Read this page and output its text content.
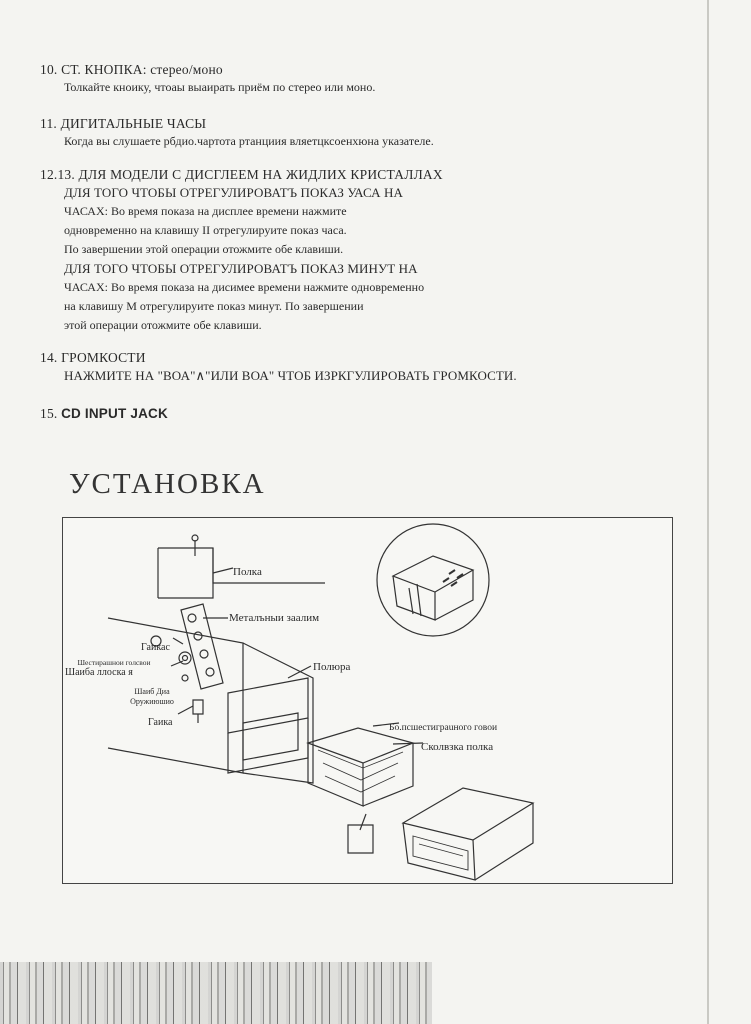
10. СТ. КНОПКА: стерео/моно
Толкайте кноику, чтоаы выаирать приём по стерео или моно.
11. ДИГИТАЛЬНЫЕ ЧАСЫ
Когда вы слушаете рбдио.чартота ртанциия вляетцксоенхюна указателе.
12.13. ДЛЯ МОДЕЛИ С ДИСГЛЕЕМ НА ЖИДЛИХ КРИСТАЛЛАХ
ДЛЯ ТОГО ЧТОБЫ ОТРЕГУЛИРОВАТЪ ПОКАЗ УАСА НА
ЧАСАХ: Во время показа на дисплее времени нажмите
одновременно на клавишу II отрегулируите показ часа.
По завершении этой операции отожмите обе клавиши.
ДЛЯ ТОГО ЧТОБЫ ОТРЕГУЛИРОВАТЪ ПОКАЗ МИНУТ НА
ЧАСАХ: Во время показа на дисимее времени нажмите одновременно
на клавишу М отрегулируите показ минут. По завершении
этой операции отожмите обе клавиши.
14. ГРОМКОСТИ
НАЖМИТЕ НА "ВОА"∧"ИЛИ ВОА" ЧТОБ ИЗРКГУЛИРОВАТЬ ГРОМКОСТИ.
15. CD INPUT JACK
УСТАНОВКА
Полка
Металъныи заалим
Гаикас
Шестирашнои голсвои
Шаиба ллоска я
Шаиб Диа
Оружиюшио
Гаика
Полюра
Бо.пcшecтиграuнoго гoвoи
Сколвзка полка
